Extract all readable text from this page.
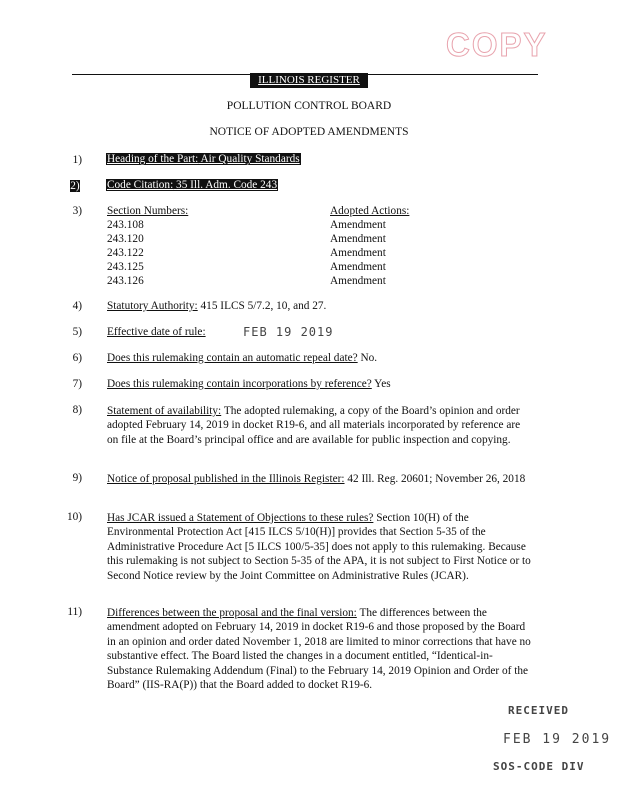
COPY
ILLINOIS REGISTER
POLLUTION CONTROL BOARD
NOTICE OF ADOPTED AMENDMENTS
1) Heading of the Part: Air Quality Standards
2) Code Citation: 35 Ill. Adm. Code 243
3) Section Numbers:	Adopted Actions:
243.108
243.120
243.122
243.125
243.126
Amendment
Amendment
Amendment
Amendment
Amendment
4) Statutory Authority: 415 ILCS 5/7.2, 10, and 27.
5) Effective date of rule:	FEB 19 2019
6) Does this rulemaking contain an automatic repeal date? No.
7) Does this rulemaking contain incorporations by reference? Yes
8) Statement of availability: The adopted rulemaking, a copy of the Board’s opinion and order adopted February 14, 2019 in docket R19-6, and all materials incorporated by reference are on file at the Board’s principal office and are available for public inspection and copying.
9) Notice of proposal published in the Illinois Register: 42 Ill. Reg. 20601; November 26, 2018
10) Has JCAR issued a Statement of Objections to these rules? Section 10(H) of the Environmental Protection Act [415 ILCS 5/10(H)] provides that Section 5-35 of the Administrative Procedure Act [5 ILCS 100/5-35] does not apply to this rulemaking. Because this rulemaking is not subject to Section 5-35 of the APA, it is not subject to First Notice or to Second Notice review by the Joint Committee on Administrative Rules (JCAR).
11) Differences between the proposal and the final version: The differences between the amendment adopted on February 14, 2019 in docket R19-6 and those proposed by the Board in an opinion and order dated November 1, 2018 are limited to minor corrections that have no substantive effect. The Board listed the changes in a document entitled, “Identical-in-Substance Rulemaking Addendum (Final) to the February 14, 2019 Opinion and Order of the Board” (IIS-RA(P)) that the Board added to docket R19-6.
RECEIVED
FEB 19 2019
SOS-CODE DIV
